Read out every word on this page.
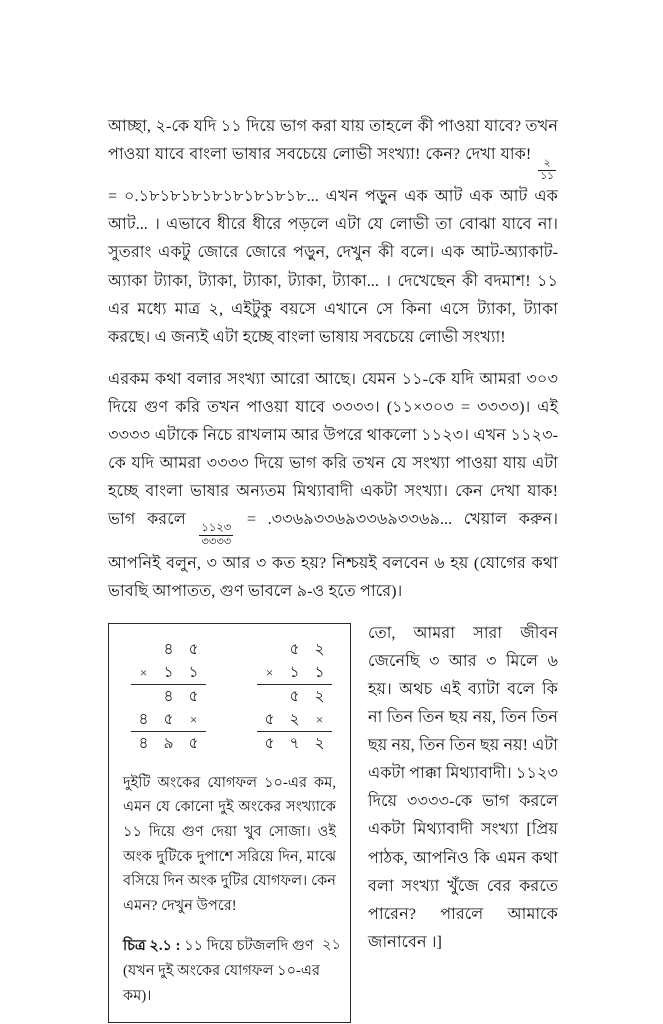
আচ্ছা, ২-কে যদি ১১ দিয়ে ভাগ করা যায় তাহলে কী পাওয়া যাবে? তখন পাওয়া যাবে বাংলা ভাষার সবচেয়ে লোভী সংখ্যা! কেন? দেখা যাক!
$\frac{২}{১১}$
= ০.১৮১৮১৮১৮১৮১৮১৮১৮... এখন পড়ুন এক আট এক আট এক আট... । এভাবে ধীরে ধীরে পড়লে এটা যে লোভী তা বোঝা যাবে না। সুতরাং একটু জোরে জোরে পড়ুন, দেখুন কী বলে। এক আট-অ্যাকাট-অ্যাকা ট্যাকা, ট্যাকা, ট্যাকা, ট্যাকা, ট্যাকা... । দেখেছেন কী বদমাশ! ১১ এর মধ্যে মাত্র ২, এইটুকু বয়সে এখানে সে কিনা এসে ট্যাকা, ট্যাকা করছে। এ জন্যই এটা হচ্ছে বাংলা ভাষায় সবচেয়ে লোভী সংখ্যা!

এরকম কথা বলার সংখ্যা আরো আছে। যেমন ১১-কে যদি আমরা ৩০৩ দিয়ে গুণ করি তখন পাওয়া যাবে ৩৩৩৩। (১১×৩০৩ = ৩৩৩৩)। এই ৩৩৩৩ এটাকে নিচে রাখলাম আর উপরে থাকলো ১১২৩। এখন ১১২৩-কে যদি আমরা ৩৩৩৩ দিয়ে ভাগ করি তখন যে সংখ্যা পাওয়া যায় এটা হচ্ছে বাংলা ভাষার অন্যতম মিথ্যাবাদী একটা সংখ্যা। কেন দেখা যাক! ভাগ করলে
$\frac{১১২৩}{৩৩৩৩}$
= .৩৩৬৯৩৩৬৯৩৩৬৯৩৩৬৯... খেয়াল করুন। আপনিই বলুন, ৩ আর ৩ কত হয়? নিশ্চয়ই বলবেন ৬ হয় (যোগের কথা ভাবছি আপাতত, গুণ ভাবলে ৯-ও হতে পারে)।

	৪	৫
×	১	১
	৪	৫
৪	৫	×
৪	৯	৫
	৫	২
×	১	১
	৫	২
৫	২	×
৫	৭	২

দুইটি অংকের যোগফল ১০-এর কম, এমন যে কোনো দুই অংকের সংখ্যাকে ১১ দিয়ে গুণ দেয়া খুব সোজা। ওই অংক দুটিকে দুপাশে সরিয়ে দিন, মাঝে বসিয়ে দিন অংক দুটির যোগফল। কেন এমন? দেখুন উপরে!

চিত্র ২.১ : ১১ দিয়ে চটজলদি গুণ (যখন দুই অংকের যোগফল ১০-এর কম)।

তো, আমরা সারা জীবন জেনেছি ৩ আর ৩ মিলে ৬ হয়। অথচ এই ব্যাটা বলে কি না তিন তিন ছয় নয়, তিন তিন ছয় নয়, তিন তিন ছয় নয়! এটা একটা পাক্কা মিথ্যাবাদী। ১১২৩ দিয়ে ৩৩৩৩-কে ভাগ করলে একটা মিথ্যাবাদী সংখ্যা [প্রিয় পাঠক, আপনিও কি এমন কথা বলা সংখ্যা খুঁজে বের করতে পারেন? পারলে আমাকে জানাবেন ।]

২১
